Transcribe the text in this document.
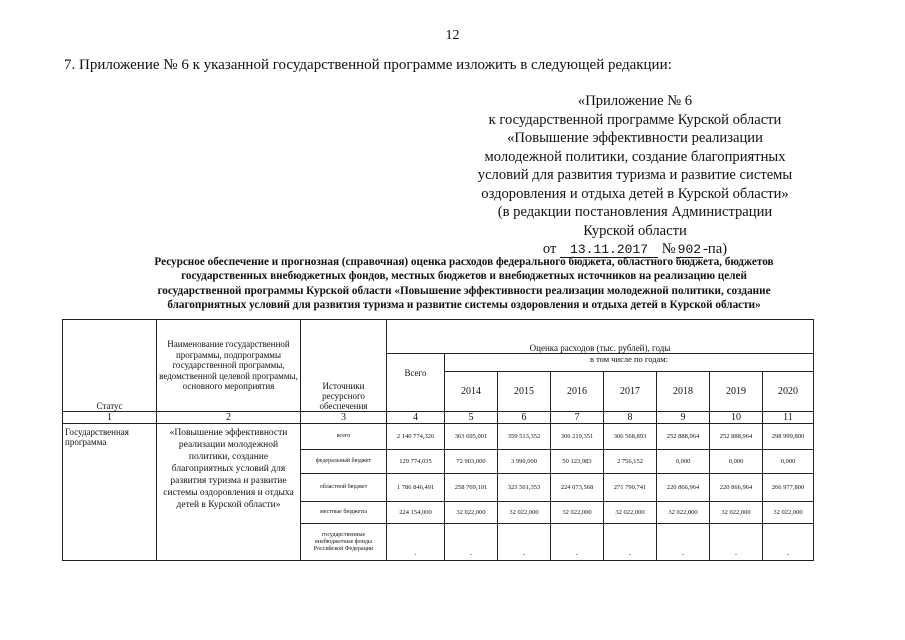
12
7. Приложение № 6 к указанной государственной программе изложить в следующей редакции:
«Приложение № 6
к государственной программе Курской области
«Повышение эффективности реализации
молодежной политики, создание благоприятных
условий для развития туризма и развитие системы
оздоровления и отдыха детей в Курской области»
(в редакции постановления Администрации
Курской области
от 13.11.2017 № 902 -па)
Ресурсное обеспечение и прогнозная (справочная) оценка расходов федерального бюджета, областного бюджета, бюджетов
государственных внебюджетных фондов, местных бюджетов и внебюджетных источников на реализацию целей
государственной программы Курской области «Повышение эффективности реализации молодежной политики, создание
благоприятных условий для развития туризма и развитие системы оздоровления и отдыха детей в Курской области»
Статус	Наименование государственной программы, подпрограммы государственной программы, ведомственной целевой программы, основного мероприятия	Источники ресурсного обеспечения	Оценка расходов (тыс. рублей), годы							
			Всего	в том числе по годам:						
				2014	2015	2016	2017	2018	2019	2020
1	2	3	4	5	6	7	8	9	10	11
Государственная программа	«Повышение эффективности реализации молодежной политики, создание благоприятных условий для развития туризма и развитие системы оздоровления и отдыха детей в Курской области»	всего	2 140 774,326	363 695,001	359 513,352	306 219,351	306 568,893	252 888,964	252 888,964	298 999,800
		федеральный бюджет	129 774,035	72 903,000	3 990,000	50 123,983	2 756,152	0,000	0,000	0,000
		областной бюджет	1 786 846,491	258 769,101	323 501,353	224 073,568	271 790,741	220 866,964	220 866,964	266 977,800
		местные бюджеты	224 154,000	32 022,000	32 022,000	32 022,000	32 022,000	32 022,000	32 022,000	32 022,000
		государственные внебюджетные фонды Российской Федерации	-	-	-	-	-	-	-	-
